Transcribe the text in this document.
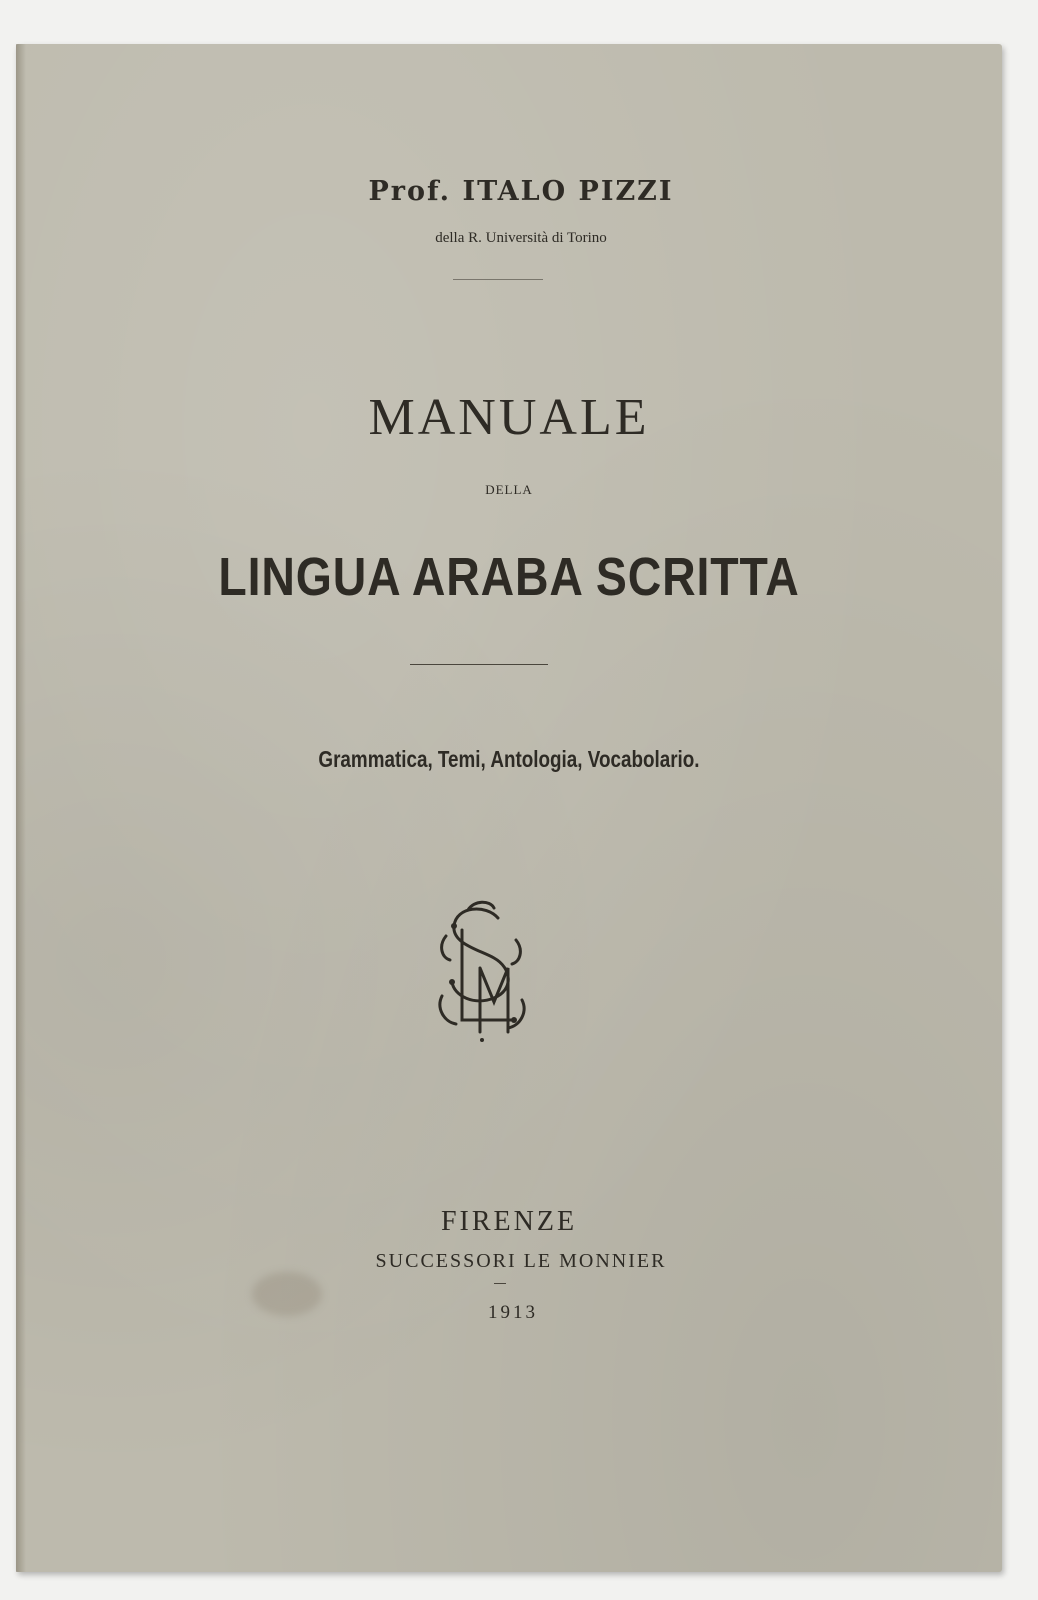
Prof. ITALO PIZZI
della R. Università di Torino
MANUALE
DELLA
LINGUA ARABA SCRITTA
Grammatica, Temi, Antologia, Vocabolario.
FIRENZE
SUCCESSORI LE MONNIER
1913
